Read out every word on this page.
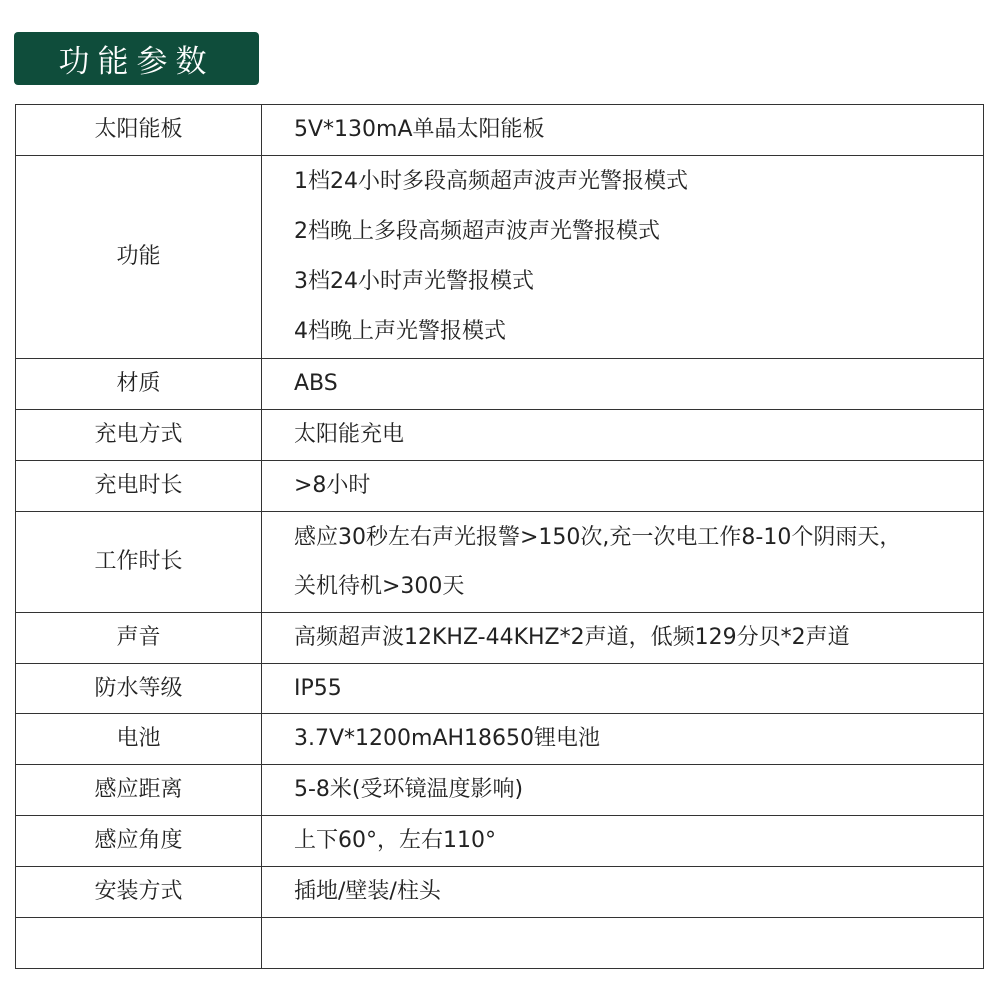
功能参数
太阳能板	5V*130mA单晶太阳能板

功能	1档24小时多段高频超声波声光警报模式
2档晚上多段高频超声波声光警报模式
3档24小时声光警报模式
4档晚上声光警报模式

材质	ABS

充电方式	太阳能充电

充电时长	>8小时

工作时长	感应30秒左右声光报警>150次,充一次电工作8-10个阴雨天，
关机待机>300天

声音	高频超声波12KHZ-44KHZ*2声道，低频129分贝*2声道

防水等级	IP55

电池	3.7V*1200mAH18650锂电池

感应距离	5-8米(受环镜温度影响)

感应角度	上下60°，左右110°

安装方式	插地/壁装/柱头
